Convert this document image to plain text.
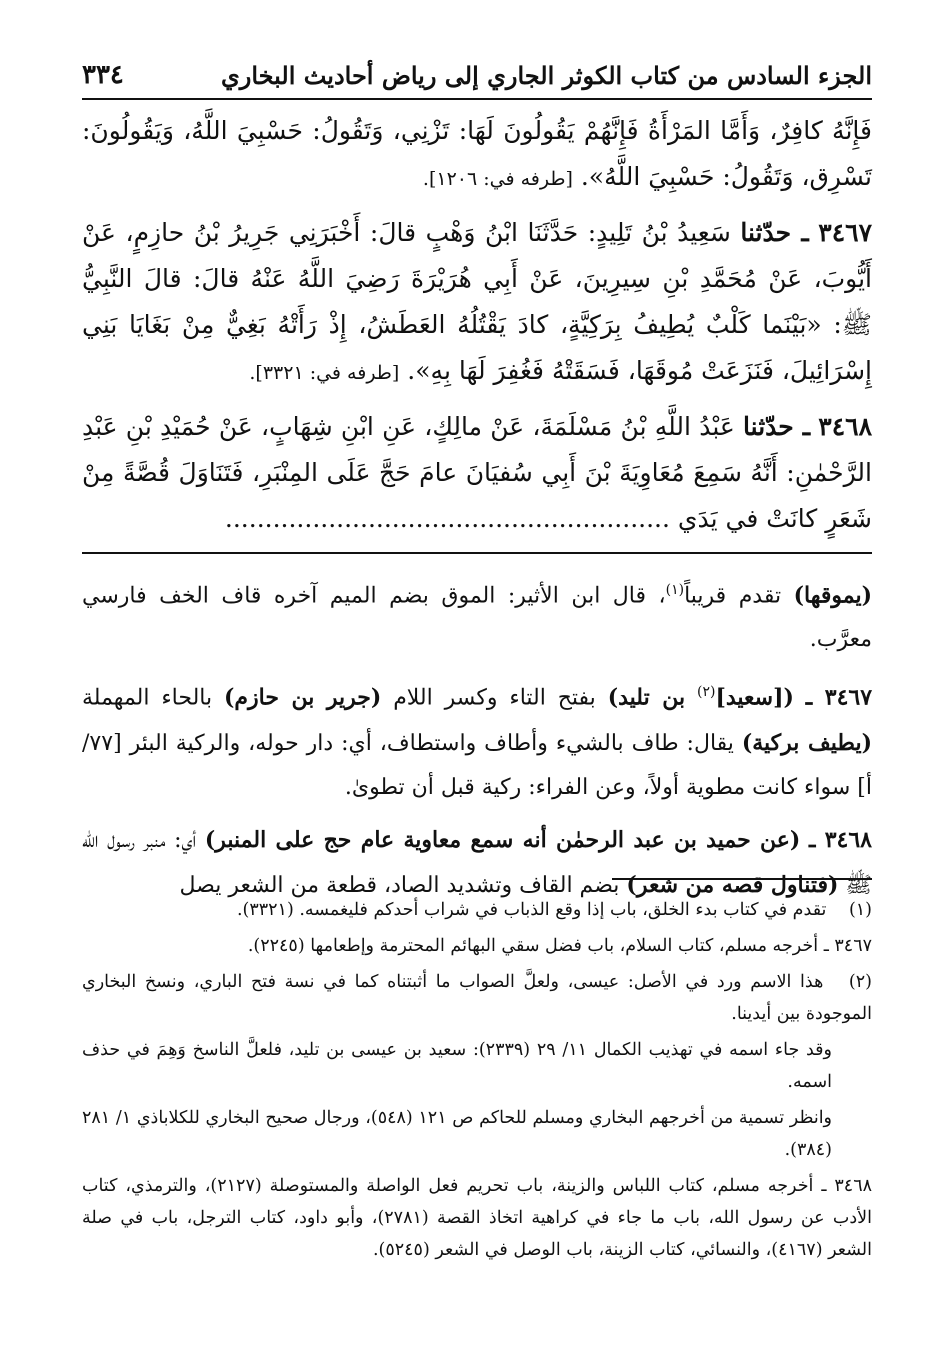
الجزء السادس من كتاب الكوثر الجاري إلى رياض أحاديث البخاري
٣٣٤

فَإِنَّهُ كافِرٌ، وَأَمَّا المَرْأَةُ فَإِنَّهُمْ يَقُولُونَ لَهَا: تَزْنِي، وَتَقُولُ: حَسْبِيَ اللَّهُ، وَيَقُولُونَ: تَسْرِق، وَتَقُولُ: حَسْبِيَ اللَّهُ». [طرفه في: ١٢٠٦].

٣٤٦٧ ـ حدّثنا سَعِيدُ بْنُ تَلِيدٍ: حَدَّثَنَا ابْنُ وَهْبٍ قالَ: أَخْبَرَنِي جَرِيرُ بْنُ حازِمٍ، عَنْ أَيُّوبَ، عَنْ مُحَمَّدِ بْنِ سِيرِينَ، عَنْ أَبِي هُرَيْرَةَ رَضِيَ اللَّهُ عَنْهُ قالَ: قالَ النَّبِيُّ ﷺ: «بَيْنَما كَلْبٌ يُطِيفُ بِرَكِيَّةٍ، كادَ يَقْتُلُهُ العَطَشُ، إِذْ رَأَتْهُ بَغِيٌّ مِنْ بَغَايَا بَنِي إِسْرَائِيلَ، فَنَزَعَتْ مُوقَهَا، فَسَقَتْهُ فَغُفِرَ لَهَا بِهِ». [طرفه في: ٣٣٢١].

٣٤٦٨ ـ حدّثنا عَبْدُ اللَّهِ بْنُ مَسْلَمَةَ، عَنْ مالِكٍ، عَنِ ابْنِ شِهَابٍ، عَنْ حُمَيْدِ بْنِ عَبْدِ الرَّحْمٰنِ: أَنَّهُ سَمِعَ مُعَاوِيَةَ بْنَ أَبِي سُفيَانَ عامَ حَجَّ عَلَى المِنْبَرِ، فَتَنَاوَلَ قُصَّةً مِنْ شَعَرٍ كانَتْ في يَدَي ........................................................

(يموقها) تقدم قريباً$^{(١)}$، قال ابن الأثير: الموق بضم الميم آخره قاف الخف فارسي معرَّب.

٣٤٦٧ ـ ([سعيد]$^{(٢)}$ بن تليد) بفتح التاء وكسر اللام (جرير بن حازم) بالحاء المهملة (يطيف بركية) يقال: طاف بالشيء وأطاف واستطاف، أي: دار حوله، والركية البئر [٧٧/أ] سواء كانت مطوية أولاً، وعن الفراء: ركية قبل أن تطوىٰ.

٣٤٦٨ ـ (عن حميد بن عبد الرحمٰن أنه سمع معاوية عام حج على المنبر) أي: منبر رسول الله ﷺ (فتناول قصه من شعر) بضم القاف وتشديد الصاد، قطعة من الشعر يصل

(١) تقدم في كتاب بدء الخلق، باب إذا وقع الذباب في شراب أحدكم فليغمسه. (٣٣٢١).

٣٤٦٧ ـ أخرجه مسلم، كتاب السلام، باب فضل سقي البهائم المحترمة وإطعامها (٢٢٤٥).

(٢) هذا الاسم ورد في الأصل: عيسى، ولعلَّ الصواب ما أثبتناه كما في نسة فتح الباري، ونسخ البخاري الموجودة بين أيدينا.

وقد جاء اسمه في تهذيب الكمال ١١/ ٢٩ (٢٣٣٩): سعيد بن عيسى بن تليد، فلعلَّ الناسخ وَهِمَ في حذف اسمه.

وانظر تسمية من أخرجهم البخاري ومسلم للحاكم ص ١٢١ (٥٤٨)، ورجال صحيح البخاري للكلاباذي ١/ ٢٨١ (٣٨٤).

٣٤٦٨ ـ أخرجه مسلم، كتاب اللباس والزينة، باب تحريم فعل الواصلة والمستوصلة (٢١٢٧)، والترمذي، كتاب الأدب عن رسول الله، باب ما جاء في كراهية اتخاذ القصة (٢٧٨١)، وأبو داود، كتاب الترجل، باب في صلة الشعر (٤١٦٧)، والنسائي، كتاب الزينة، باب الوصل في الشعر (٥٢٤٥).
